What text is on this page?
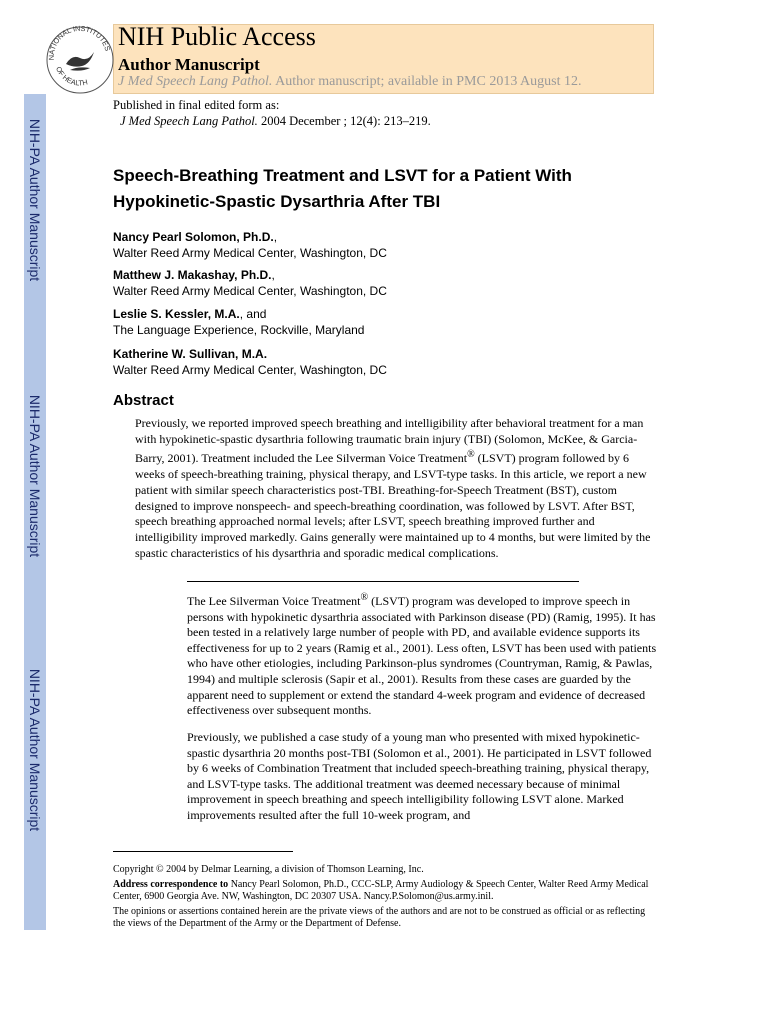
NIH-PA Author Manuscript
NIH-PA Author Manuscript
NIH-PA Author Manuscript
NATIONAL INSTITUTES
OF HEALTH
NIH Public Access
Author Manuscript
J Med Speech Lang Pathol. Author manuscript; available in PMC 2013 August 12.
Published in final edited form as:
J Med Speech Lang Pathol. 2004 December ; 12(4): 213–219.
Speech-Breathing Treatment and LSVT for a Patient With Hypokinetic-Spastic Dysarthria After TBI
Nancy Pearl Solomon, Ph.D.,
Walter Reed Army Medical Center, Washington, DC
Matthew J. Makashay, Ph.D.,
Walter Reed Army Medical Center, Washington, DC
Leslie S. Kessler, M.A., and
The Language Experience, Rockville, Maryland
Katherine W. Sullivan, M.A.
Walter Reed Army Medical Center, Washington, DC
Abstract
Previously, we reported improved speech breathing and intelligibility after behavioral treatment for a man with hypokinetic-spastic dysarthria following traumatic brain injury (TBI) (Solomon, McKee, & Garcia-Barry, 2001). Treatment included the Lee Silverman Voice Treatment® (LSVT) program followed by 6 weeks of speech-breathing training, physical therapy, and LSVT-type tasks. In this article, we report a new patient with similar speech characteristics post-TBI. Breathing-for-Speech Treatment (BST), custom designed to improve nonspeech- and speech-breathing coordination, was followed by LSVT. After BST, speech breathing approached normal levels; after LSVT, speech breathing improved further and intelligibility improved markedly. Gains generally were maintained up to 4 months, but were limited by the spastic characteristics of his dysarthria and sporadic medical complications.
The Lee Silverman Voice Treatment® (LSVT) program was developed to improve speech in persons with hypokinetic dysarthria associated with Parkinson disease (PD) (Ramig, 1995). It has been tested in a relatively large number of people with PD, and available evidence supports its effectiveness for up to 2 years (Ramig et al., 2001). Less often, LSVT has been used with patients who have other etiologies, including Parkinson-plus syndromes (Countryman, Ramig, & Pawlas, 1994) and multiple sclerosis (Sapir et al., 2001). Results from these cases are guarded by the apparent need to supplement or extend the standard 4-week program and evidence of decreased effectiveness over subsequent months.
Previously, we published a case study of a young man who presented with mixed hypokinetic-spastic dysarthria 20 months post-TBI (Solomon et al., 2001). He participated in LSVT followed by 6 weeks of Combination Treatment that included speech-breathing training, physical therapy, and LSVT-type tasks. The additional treatment was deemed necessary because of minimal improvement in speech breathing and speech intelligibility following LSVT alone. Marked improvements resulted after the full 10-week program, and
Copyright © 2004 by Delmar Learning, a division of Thomson Learning, Inc.
Address correspondence to Nancy Pearl Solomon, Ph.D., CCC-SLP, Army Audiology & Speech Center, Walter Reed Army Medical Center, 6900 Georgia Ave. NW, Washington, DC 20307 USA. Nancy.P.Solomon@us.army.inil.
The opinions or assertions contained herein are the private views of the authors and are not to be construed as official or as reflecting the views of the Department of the Army or the Department of Defense.
